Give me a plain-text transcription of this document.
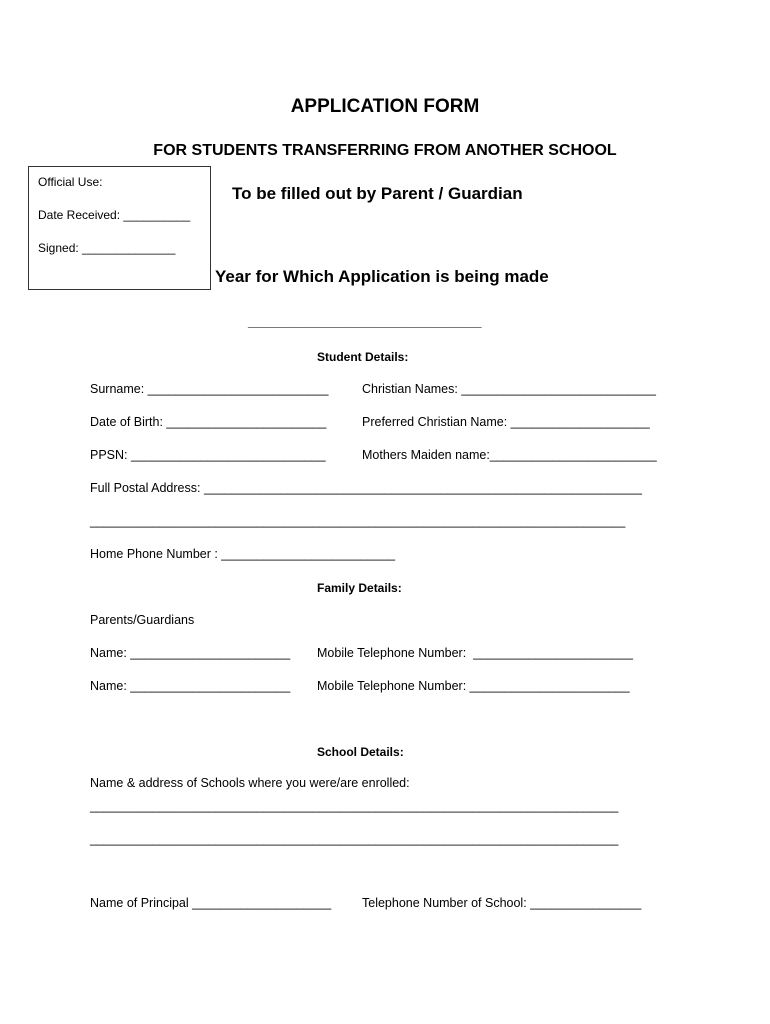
APPLICATION FORM
FOR STUDENTS TRANSFERRING FROM ANOTHER SCHOOL
Official Use:
Date Received: __________
Signed: ______________
To be filled out by Parent / Guardian
Year for Which Application is being made
______________________________
Student Details:
Surname: __________________________	Christian Names: ____________________________
Date of Birth: _______________________	Preferred Christian Name: ____________________
PPSN: ____________________________	Mothers Maiden name:________________________
Full Postal Address: _______________________________________________________________
_____________________________________________________________________________
Home Phone Number : _________________________
Family Details:
Parents/Guardians
Name: _______________________ Mobile Telephone Number:  _______________________
Name: _______________________ Mobile Telephone Number: _______________________
School Details:
Name & address of Schools where you were/are enrolled:
____________________________________________________________________________
____________________________________________________________________________
Name of Principal ____________________ Telephone Number of School: ________________
